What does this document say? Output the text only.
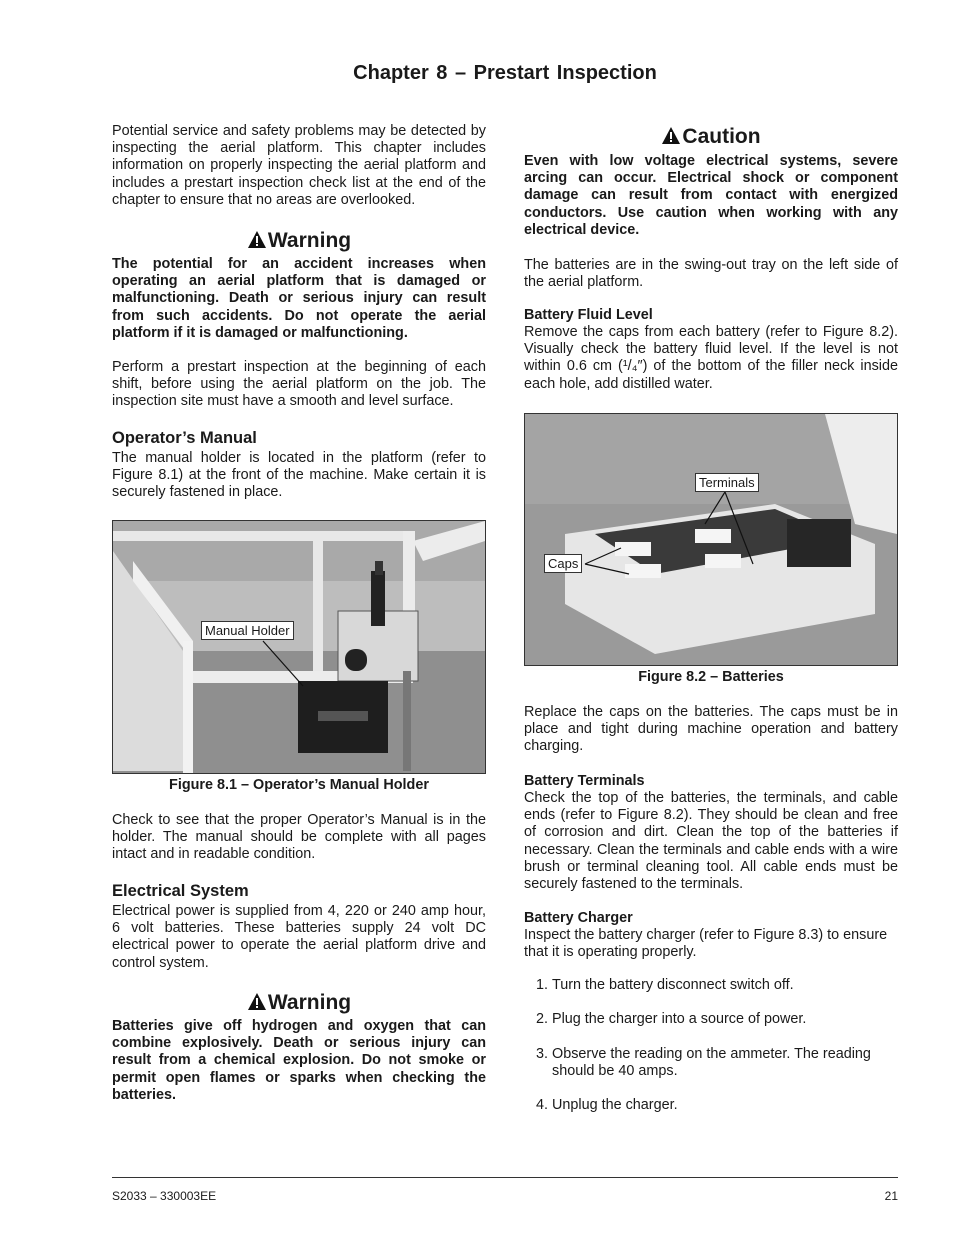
Chapter 8 – Prestart Inspection
Potential service and safety problems may be detected by inspecting the aerial platform. This chapter includes information on properly inspecting the aerial platform and includes a prestart inspection check list at the end of the chapter to ensure that no areas are overlooked.
Warning
The potential for an accident increases when operating an aerial platform that is damaged or malfunctioning. Death or serious injury can result from such accidents. Do not operate the aerial platform if it is damaged or malfunctioning.
Perform a prestart inspection at the beginning of each shift, before using the aerial platform on the job. The inspection site must have a smooth and level surface.
Operator’s Manual
The manual holder is located in the platform (refer to Figure 8.1) at the front of the machine. Make certain it is securely fastened in place.
Manual Holder
Figure 8.1 – Operator’s Manual Holder
Check to see that the proper Operator’s Manual is in the holder. The manual should be complete with all pages intact and in readable condition.
Electrical System
Electrical power is supplied from 4, 220 or 240 amp hour, 6 volt batteries. These batteries supply 24 volt DC electrical power to operate the aerial platform drive and control system.
Warning
Batteries give off hydrogen and oxygen that can combine explosively. Death or serious injury can result from a chemical explosion. Do not smoke or permit open flames or sparks when checking the batteries.
Caution
Even with low voltage electrical systems, severe arcing can occur. Electrical shock or component damage can result from contact with energized conductors. Use caution when working with any electrical device.
The batteries are in the swing-out tray on the left side of the aerial platform.
Battery Fluid Level
Remove the caps from each battery (refer to Figure 8.2). Visually check the battery fluid level. If the level is not within 0.6 cm (¹/₄″) of the bottom of the filler neck inside each hole, add distilled water.
Terminals
Caps
Figure 8.2 – Batteries
Replace the caps on the batteries. The caps must be in place and tight during machine operation and battery charging.
Battery Terminals
Check the top of the batteries, the terminals, and cable ends (refer to Figure 8.2). They should be clean and free of corrosion and dirt. Clean the top of the batteries if necessary. Clean the terminals and cable ends with a wire brush or terminal cleaning tool. All cable ends must be securely fastened to the terminals.
Battery Charger
Inspect the battery charger (refer to Figure 8.3) to ensure that it is operating properly.
1. Turn the battery disconnect switch off.
2. Plug the charger into a source of power.
3. Observe the reading on the ammeter. The reading should be 40 amps.
4. Unplug the charger.
S2033 – 330003EE	21
